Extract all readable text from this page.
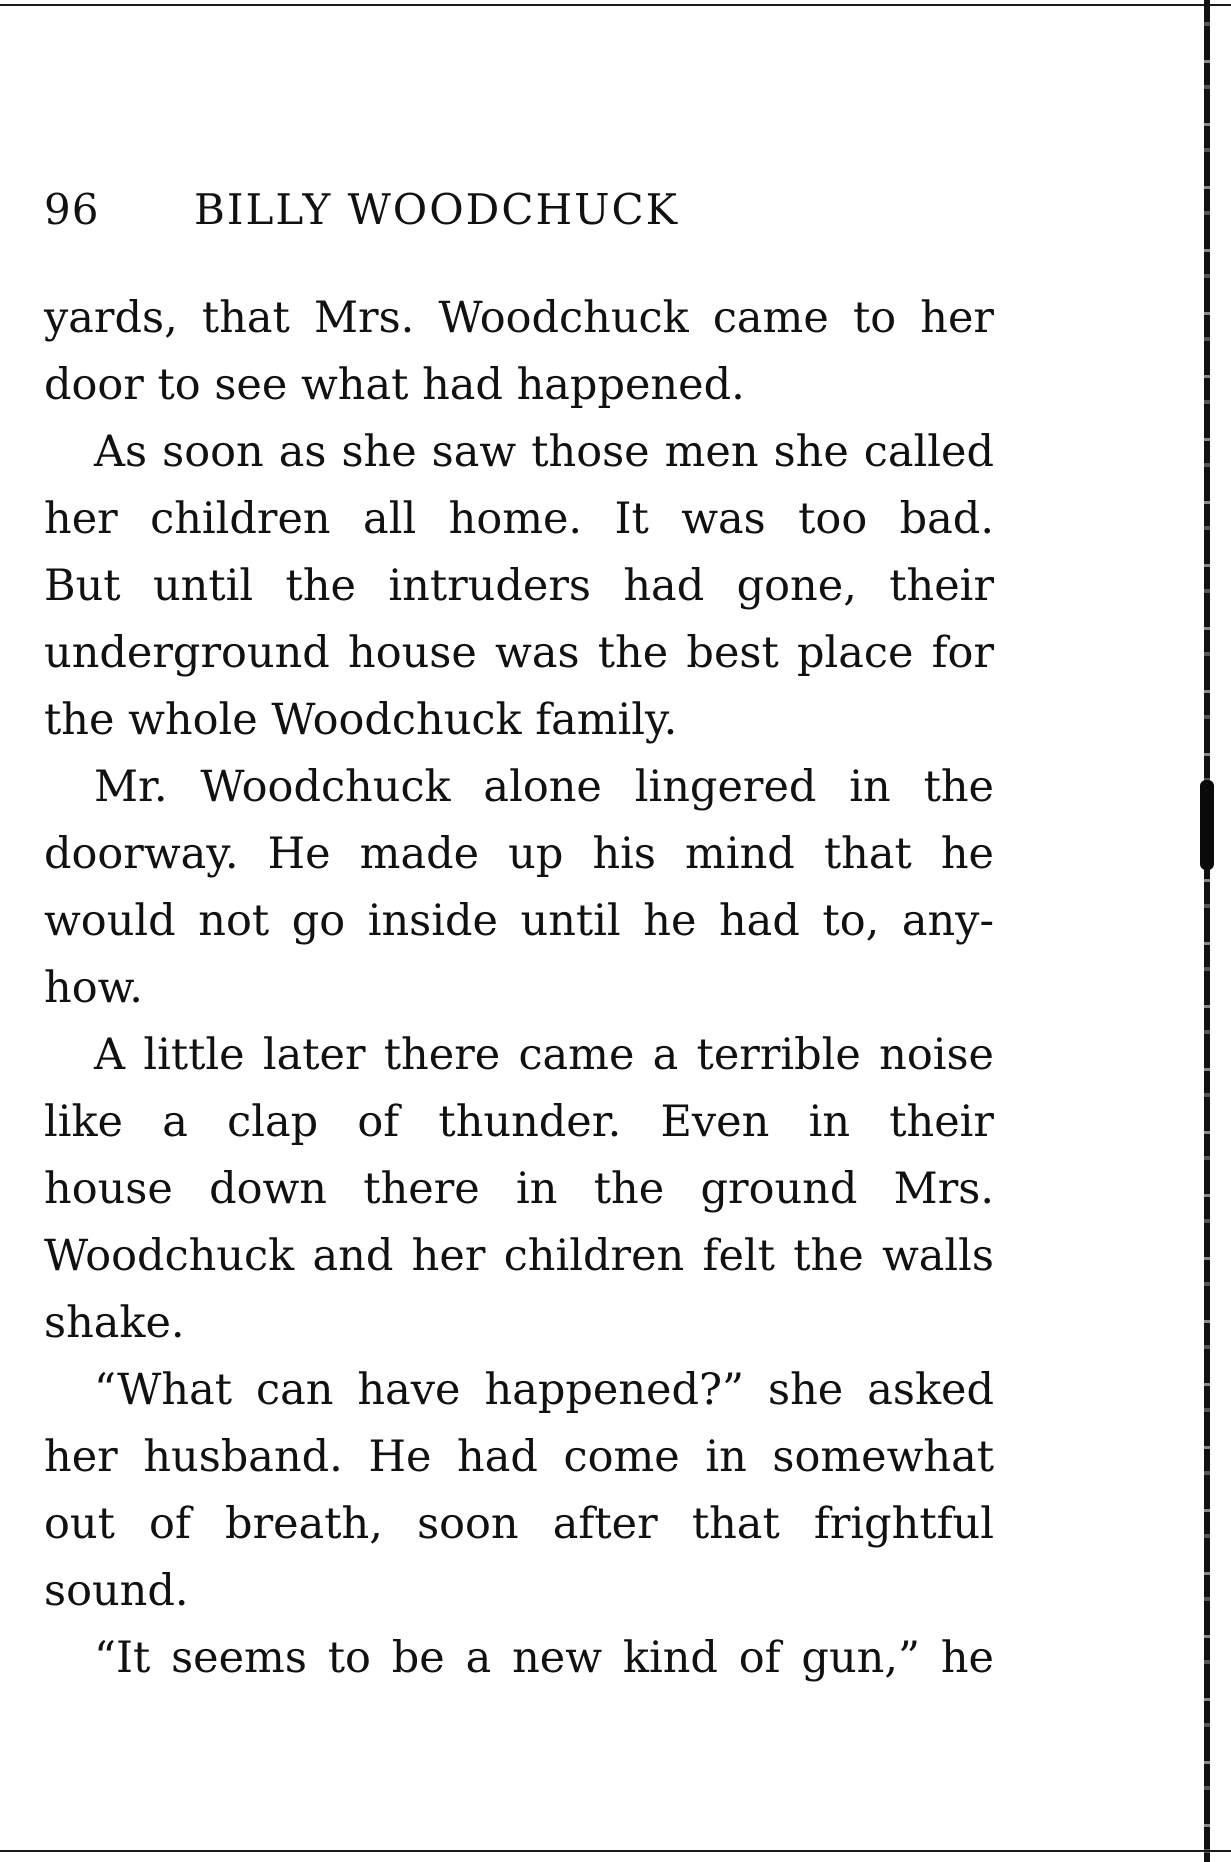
96 BILLY WOODCHUCK
yards, that Mrs. Woodchuck came to her
door to see what had happened.
As soon as she saw those men she called
her children all home. It was too bad.
But until the intruders had gone, their
underground house was the best place for
the whole Woodchuck family.
Mr. Woodchuck alone lingered in the
doorway. He made up his mind that he
would not go inside until he had to, any-
how.
A little later there came a terrible noise
like a clap of thunder. Even in their
house down there in the ground Mrs.
Woodchuck and her children felt the walls
shake.
“What can have happened?” she asked
her husband. He had come in somewhat
out of breath, soon after that frightful
sound.
“It seems to be a new kind of gun,” he
